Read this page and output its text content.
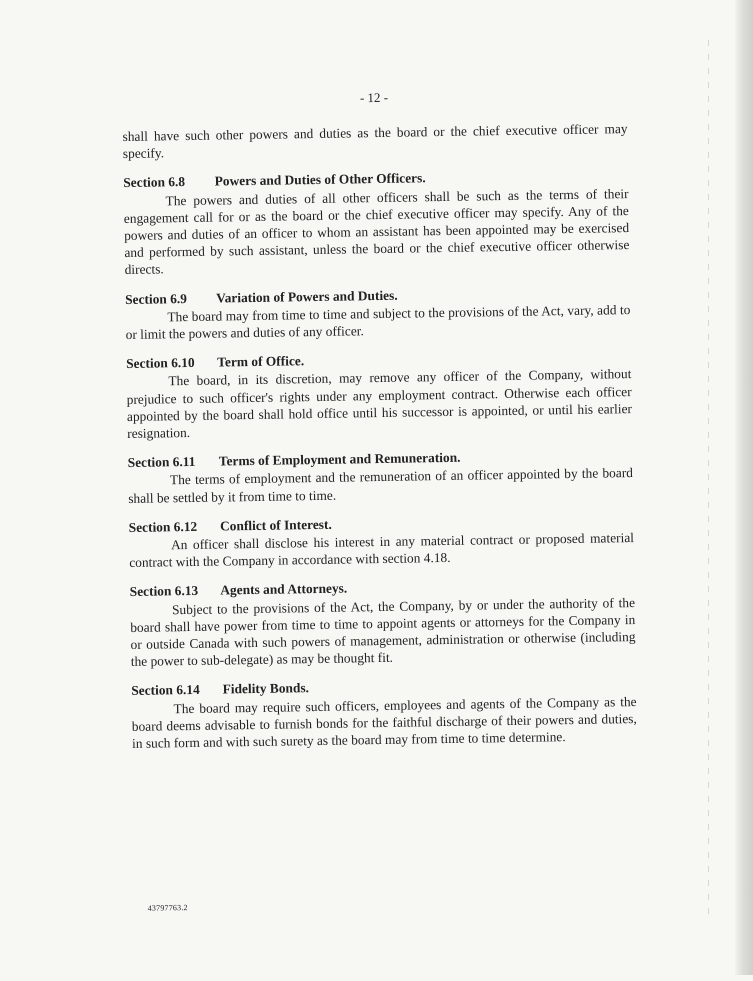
- 12 -

shall have such other powers and duties as the board or the chief executive officer may specify.

Section 6.8 Powers and Duties of Other Officers.

The powers and duties of all other officers shall be such as the terms of their engagement call for or as the board or the chief executive officer may specify. Any of the powers and duties of an officer to whom an assistant has been appointed may be exercised and performed by such assistant, unless the board or the chief executive officer otherwise directs.

Section 6.9 Variation of Powers and Duties.

The board may from time to time and subject to the provisions of the Act, vary, add to or limit the powers and duties of any officer.

Section 6.10 Term of Office.

The board, in its discretion, may remove any officer of the Company, without prejudice to such officer's rights under any employment contract. Otherwise each officer appointed by the board shall hold office until his successor is appointed, or until his earlier resignation.

Section 6.11 Terms of Employment and Remuneration.

The terms of employment and the remuneration of an officer appointed by the board shall be settled by it from time to time.

Section 6.12 Conflict of Interest.

An officer shall disclose his interest in any material contract or proposed material contract with the Company in accordance with section 4.18.

Section 6.13 Agents and Attorneys.

Subject to the provisions of the Act, the Company, by or under the authority of the board shall have power from time to time to appoint agents or attorneys for the Company in or outside Canada with such powers of management, administration or otherwise (including the power to sub-delegate) as may be thought fit.

Section 6.14 Fidelity Bonds.

The board may require such officers, employees and agents of the Company as the board deems advisable to furnish bonds for the faithful discharge of their powers and duties, in such form and with such surety as the board may from time to time determine.

43797763.2
